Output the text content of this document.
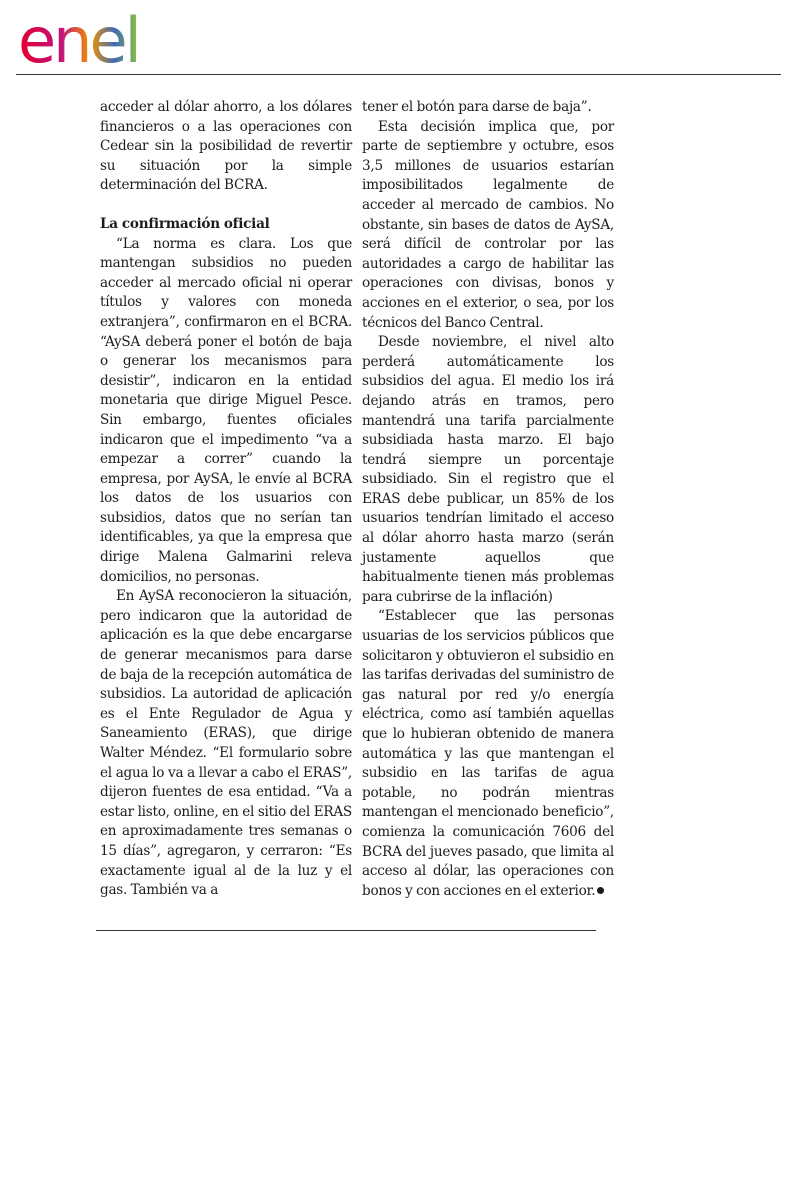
enel

acceder al dólar ahorro, a los dólares financieros o a las operaciones con Cedear sin la posibilidad de revertir su situación por la simple determinación del BCRA.

La confirmación oficial

“La norma es clara. Los que mantengan subsidios no pueden acceder al mercado oficial ni operar títulos y valores con moneda extranjera”, confirmaron en el BCRA. “AySA deberá poner el botón de baja o generar los mecanismos para desistir”, indicaron en la entidad monetaria que dirige Miguel Pesce. Sin embargo, fuentes oficiales indicaron que el impedimento “va a empezar a correr” cuando la empresa, por AySA, le envíe al BCRA los datos de los usuarios con subsidios, datos que no serían tan identificables, ya que la empresa que dirige Malena Galmarini releva domicilios, no personas.

En AySA reconocieron la situación, pero indicaron que la autoridad de aplicación es la que debe encargarse de generar mecanismos para darse de baja de la recepción automática de subsidios. La autoridad de aplicación es el Ente Regulador de Agua y Saneamiento (ERAS), que dirige Walter Méndez. “El formulario sobre el agua lo va a llevar a cabo el ERAS”, dijeron fuentes de esa entidad. “Va a estar listo, online, en el sitio del ERAS en aproximadamente tres semanas o 15 días”, agregaron, y cerraron: “Es exactamente igual al de la luz y el gas. También va a

tener el botón para darse de baja”.

Esta decisión implica que, por parte de septiembre y octubre, esos 3,5 millones de usuarios estarían imposibilitados legalmente de acceder al mercado de cambios. No obstante, sin bases de datos de AySA, será difícil de controlar por las autoridades a cargo de habilitar las operaciones con divisas, bonos y acciones en el exterior, o sea, por los técnicos del Banco Central.

Desde noviembre, el nivel alto perderá automáticamente los subsidios del agua. El medio los irá dejando atrás en tramos, pero mantendrá una tarifa parcialmente subsidiada hasta marzo. El bajo tendrá siempre un porcentaje subsidiado. Sin el registro que el ERAS debe publicar, un 85% de los usuarios tendrían limitado el acceso al dólar ahorro hasta marzo (serán justamente aquellos que habitualmente tienen más problemas para cubrirse de la inflación)

“Establecer que las personas usuarias de los servicios públicos que solicitaron y obtuvieron el subsidio en las tarifas derivadas del suministro de gas natural por red y/o energía eléctrica, como así también aquellas que lo hubieran obtenido de manera automática y las que mantengan el subsidio en las tarifas de agua potable, no podrán mientras mantengan el mencionado beneficio”, comienza la comunicación 7606 del BCRA del jueves pasado, que limita al acceso al dólar, las operaciones con bonos y con acciones en el exterior.
